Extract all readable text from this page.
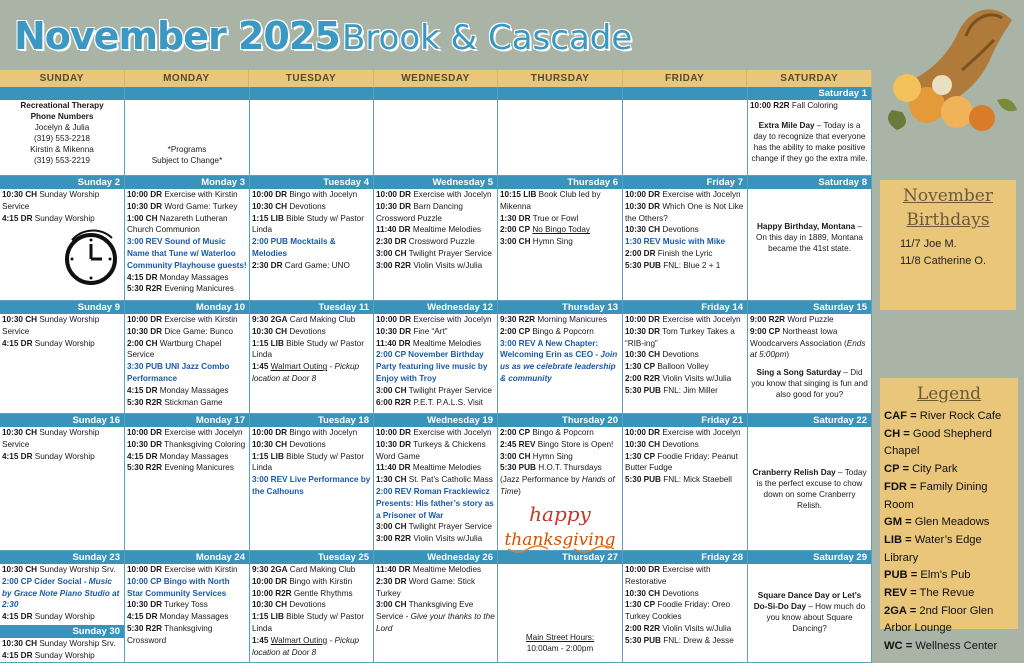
November 2025 Brook & Cascade
SUNDAY	MONDAY	TUESDAY	WEDNESDAY	THURSDAY	FRIDAY	SATURDAY
Recreational Therapy
Phone Numbers
Jocelyn & Julia
(319) 553-2218
Kirstin & Mikenna
(319) 553-2219
*Programs
Subject to Change*
Saturday 1
10:00 R2R Fall Coloring
Extra Mile Day – Today is a day to recognize that everyone has the ability to make positive change if they go the extra mile.
Sunday 2
10:30 CH Sunday Worship Service
4:15 DR Sunday Worship
Monday 3
10:00 DR Exercise with Kirstin
10:30 DR Word Game: Turkey
1:00 CH Nazareth Lutheran Church Communion
3:00 REV Sound of Music Name that Tune w/ Waterloo Community Playhouse guests!
4:15 DR Monday Massages
5:30 R2R Evening Manicures
Tuesday 4
10:00 DR Bingo with Jocelyn
10:30 CH Devotions
1:15 LIB Bible Study w/ Pastor Linda
2:00 PUB Mocktails & Melodies
2:30 DR Card Game: UNO
Wednesday 5
10:00 DR Exercise with Jocelyn
10:30 DR Barn Dancing Crossword Puzzle
11:40 DR Mealtime Melodies
2:30 DR Crossword Puzzle
3:00 CH Twilight Prayer Service
3:00 R2R Violin Visits w/Julia
Thursday 6
10:15 LIB Book Club led by Mikenna
1:30 DR True or Fowl
2:00 CP No Bingo Today
3:00 CH Hymn Sing
Friday 7
10:00 DR Exercise with Jocelyn
10:30 DR Which One is Not Like the Others?
10:30 CH Devotions
1:30 REV Music with Mike
2:00 DR Finish the Lyric
5:30 PUB FNL: Blue 2 + 1
Saturday 8
Happy Birthday, Montana – On this day in 1889, Montana became the 41st state.
Sunday 9
10:30 CH Sunday Worship Service
4:15 DR Sunday Worship
Monday 10
10:00 DR Exercise with Kirstin
10:30 DR Dice Game: Bunco
2:00 CH Wartburg Chapel Service
3:30 PUB UNI Jazz Combo Performance
4:15 DR Monday Massages
5:30 R2R Stickman Game
Tuesday 11
9:30 2GA Card Making Club
10:30 CH Devotions
1:15 LIB Bible Study w/ Pastor Linda
1:45 Walmart Outing - Pickup location at Door 8
Wednesday 12
10:00 DR Exercise with Jocelyn
10:30 DR Fine “Art”
11:40 DR Mealtime Melodies
2:00 CP November Birthday Party featuring live music by Enjoy with Troy
3:00 CH Twilight Prayer Service
6:00 R2R P.E.T. P.A.L.S. Visit
Thursday 13
9:30 R2R Morning Manicures
2:00 CP Bingo & Popcorn
3:00 REV A New Chapter: Welcoming Erin as CEO - Join us as we celebrate leadership & community
Friday 14
10:00 DR Exercise with Jocelyn
10:30 DR Tom Turkey Takes a “RIB-ing”
10:30 CH Devotions
1:30 CP Balloon Volley
2:00 R2R Violin Visits w/Julia
5:30 PUB FNL: Jim Miller
Saturday 15
9:00 R2R Word Puzzle
9:00 CP Northeast Iowa Woodcarvers Association (Ends at 5:00pm)
Sing a Song Saturday – Did you know that singing is fun and also good for you?
Sunday 16
10:30 CH Sunday Worship Service
4:15 DR Sunday Worship
Monday 17
10:00 DR Exercise with Jocelyn
10:30 DR Thanksgiving Coloring
4:15 DR Monday Massages
5:30 R2R Evening Manicures
Tuesday 18
10:00 DR Bingo with Jocelyn
10:30 CH Devotions
1:15 LIB Bible Study w/ Pastor Linda
3:00 REV Live Performance by the Calhouns
Wednesday 19
10:00 DR Exercise with Jocelyn
10:30 DR Turkeys & Chickens Word Game
11:40 DR Mealtime Melodies
1:30 CH St. Pat’s Catholic Mass
2:00 REV Roman Frackiewicz Presents: His father’s story as a Prisoner of War
3:00 CH Twilight Prayer Service
3:00 R2R Violin Visits w/Julia
Thursday 20
2:00 CP Bingo & Popcorn
2:45 REV Bingo Store is Open!
3:00 CH Hymn Sing
5:30 PUB H.O.T. Thursdays (Jazz Performance by Hands of Time)
Friday 21
10:00 DR Exercise with Jocelyn
10:30 CH Devotions
1:30 CP Foodie Friday: Peanut Butter Fudge
5:30 PUB FNL: Mick Staebell
Saturday 22
Cranberry Relish Day – Today is the perfect excuse to chow down on some Cranberry Relish.
Sunday 23
10:30 CH Sunday Worship Srv.
2:00 CP Cider Social - Music by Grace Note Piano Studio at 2:30
4:15 DR Sunday Worship
Sunday 30
10:30 CH Sunday Worship Srv.
4:15 DR Sunday Worship
Monday 24
10:00 DR Exercise with Kirstin
10:00 CP Bingo with North Star Community Services
10:30 DR Turkey Toss
4:15 DR Monday Massages
5:30 R2R Thanksgiving Crossword
Tuesday 25
9:30 2GA Card Making Club
10:00 DR Bingo with Kirstin
10:00 R2R Gentle Rhythms
10:30 CH Devotions
1:15 LIB Bible Study w/ Pastor Linda
1:45 Walmart Outing - Pickup location at Door 8
Wednesday 26
11:40 DR Mealtime Melodies
2:30 DR Word Game: Stick Turkey
3:00 CH Thanksgiving Eve Service - Give your thanks to the Lord
Thursday 27
Main Street Hours:
10:00am - 2:00pm
Friday 28
10:00 DR Exercise with Restorative
10:30 CH Devotions
1:30 CP Foodie Friday: Oreo Turkey Cookies
2:00 R2R Violin Visits w/Julia
5:30 PUB FNL: Drew & Jesse
Saturday 29
Square Dance Day or Let’s Do-Si-Do Day – How much do you know about Square Dancing?
happy
thanksgiving
November
Birthdays
11/7 Joe M.
11/8 Catherine O.
Legend
CAF = River Rock Cafe
CH = Good Shepherd Chapel
CP = City Park
FDR = Family Dining Room
GM = Glen Meadows
LIB = Water’s Edge Library
PUB = Elm’s Pub
REV = The Revue
2GA = 2nd Floor Glen Arbor Lounge
WC = Wellness Center
